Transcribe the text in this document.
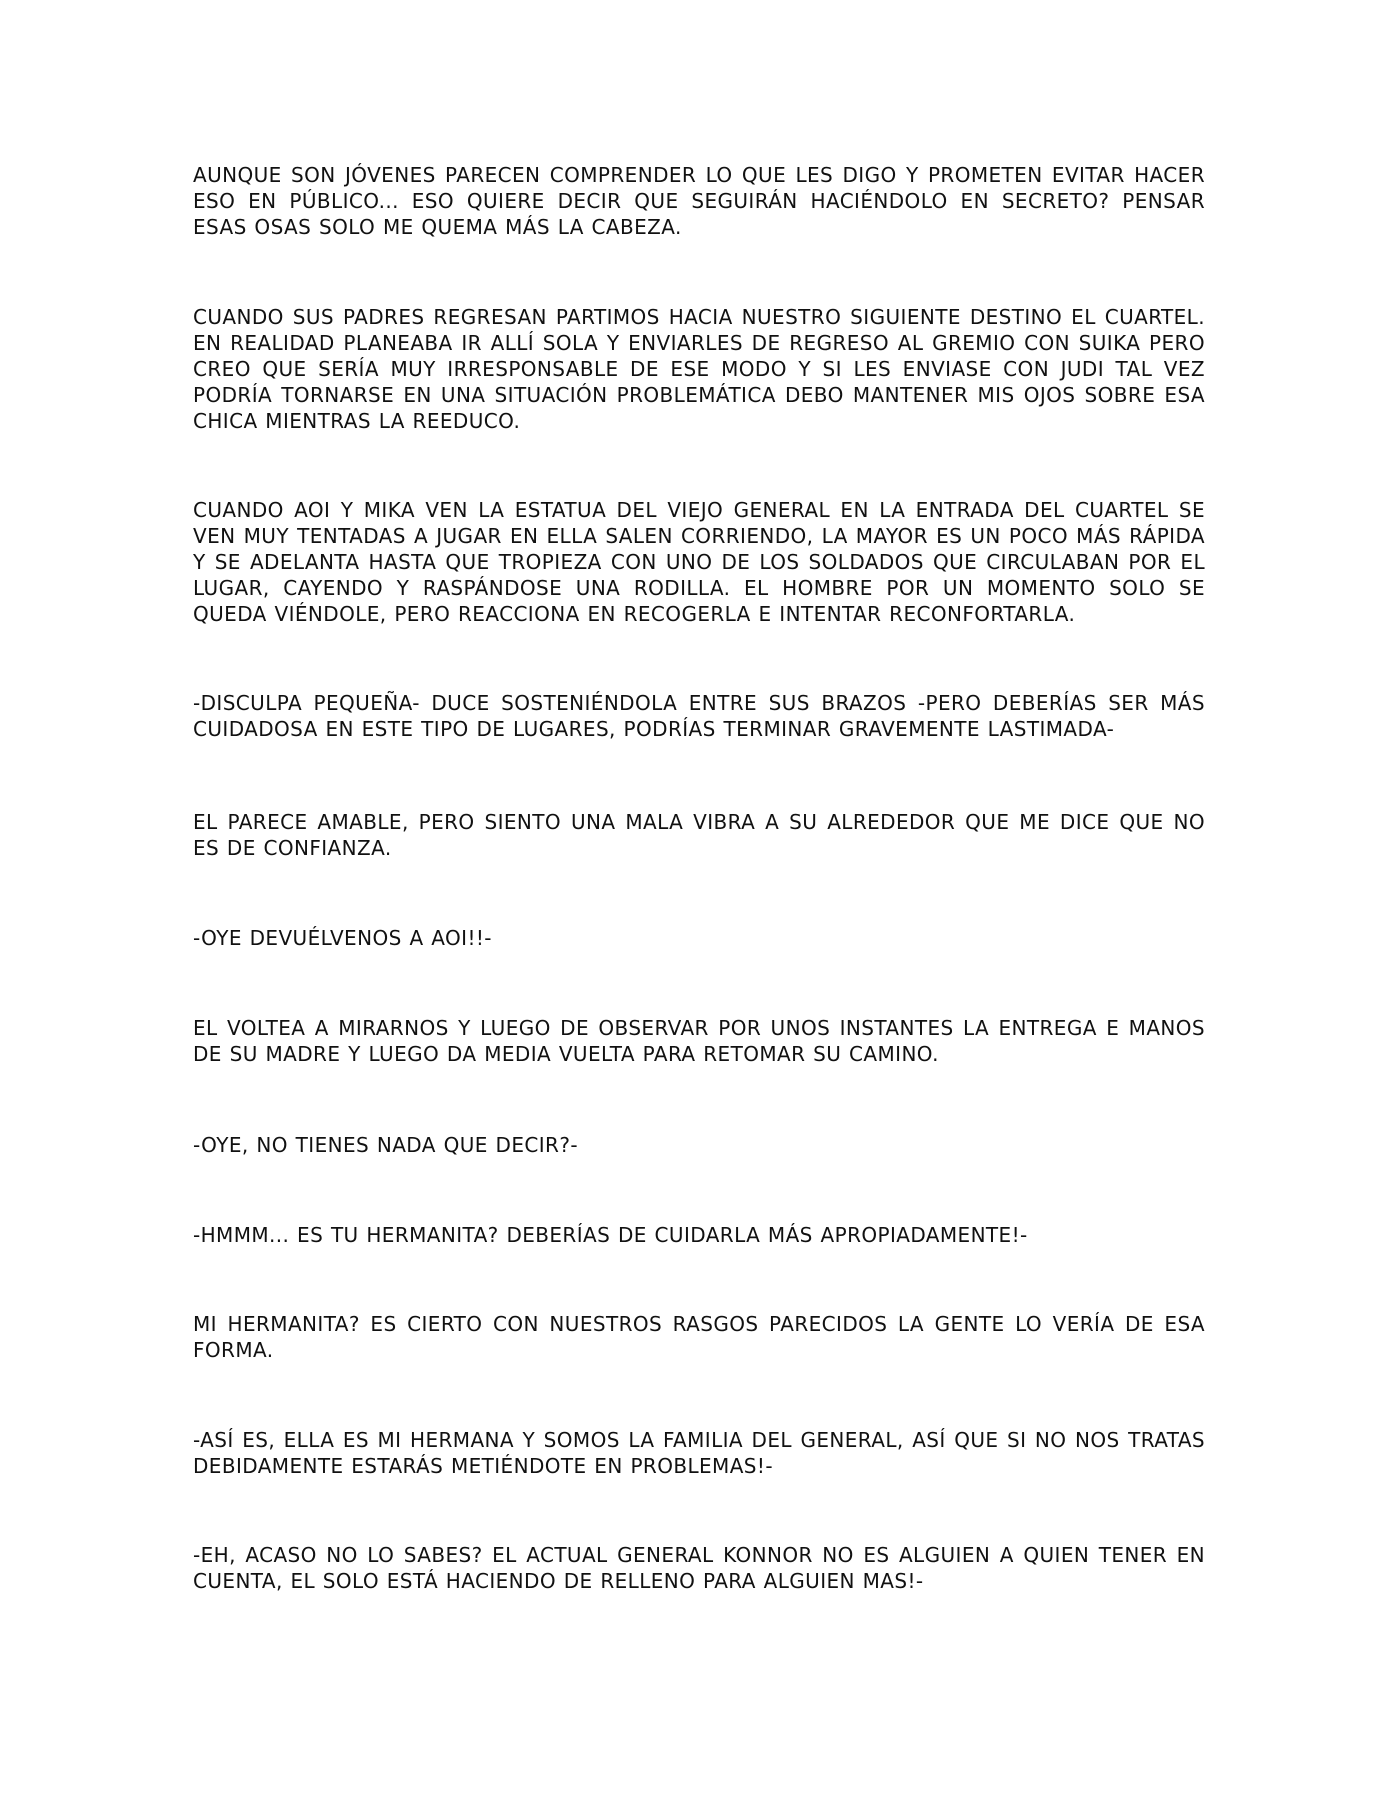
AUNQUE SON JÓVENES PARECEN COMPRENDER LO QUE LES DIGO Y PROMETEN EVITAR HACER ESO EN PÚBLICO... ESO QUIERE DECIR QUE SEGUIRÁN HACIÉNDOLO EN SECRETO? PENSAR ESAS OSAS SOLO ME QUEMA MÁS LA CABEZA.

CUANDO SUS PADRES REGRESAN PARTIMOS HACIA NUESTRO SIGUIENTE DESTINO EL CUARTEL. EN REALIDAD PLANEABA IR ALLÍ SOLA Y ENVIARLES DE REGRESO AL GREMIO CON SUIKA PERO CREO QUE SERÍA MUY IRRESPONSABLE DE ESE MODO Y SI LES ENVIASE CON JUDI TAL VEZ PODRÍA TORNARSE EN UNA SITUACIÓN PROBLEMÁTICA DEBO MANTENER MIS OJOS SOBRE ESA CHICA MIENTRAS LA REEDUCO.

CUANDO AOI Y MIKA VEN LA ESTATUA DEL VIEJO GENERAL EN LA ENTRADA DEL CUARTEL SE VEN MUY TENTADAS A JUGAR EN ELLA SALEN CORRIENDO, LA MAYOR ES UN POCO MÁS RÁPIDA Y SE ADELANTA HASTA QUE TROPIEZA CON UNO DE LOS SOLDADOS QUE CIRCULABAN POR EL LUGAR, CAYENDO Y RASPÁNDOSE UNA RODILLA. EL HOMBRE POR UN MOMENTO SOLO SE QUEDA VIÉNDOLE, PERO REACCIONA EN RECOGERLA E INTENTAR RECONFORTARLA.

-DISCULPA PEQUEÑA- DUCE SOSTENIÉNDOLA ENTRE SUS BRAZOS -PERO DEBERÍAS SER MÁS CUIDADOSA EN ESTE TIPO DE LUGARES, PODRÍAS TERMINAR GRAVEMENTE LASTIMADA-

EL PARECE AMABLE, PERO SIENTO UNA MALA VIBRA A SU ALREDEDOR QUE ME DICE QUE NO ES DE CONFIANZA.

-OYE DEVUÉLVENOS A AOI!!-

EL VOLTEA A MIRARNOS Y LUEGO DE OBSERVAR POR UNOS INSTANTES LA ENTREGA E MANOS DE SU MADRE Y LUEGO DA MEDIA VUELTA PARA RETOMAR SU CAMINO.

-OYE, NO TIENES NADA QUE DECIR?-

-HMMM... ES TU HERMANITA? DEBERÍAS DE CUIDARLA MÁS APROPIADAMENTE!-

MI HERMANITA? ES CIERTO CON NUESTROS RASGOS PARECIDOS LA GENTE LO VERÍA DE ESA FORMA.

-ASÍ ES, ELLA ES MI HERMANA Y SOMOS LA FAMILIA DEL GENERAL, ASÍ QUE SI NO NOS TRATAS DEBIDAMENTE ESTARÁS METIÉNDOTE EN PROBLEMAS!-

-EH, ACASO NO LO SABES? EL ACTUAL GENERAL KONNOR NO ES ALGUIEN A QUIEN TENER EN CUENTA, EL SOLO ESTÁ HACIENDO DE RELLENO PARA ALGUIEN MAS!-
